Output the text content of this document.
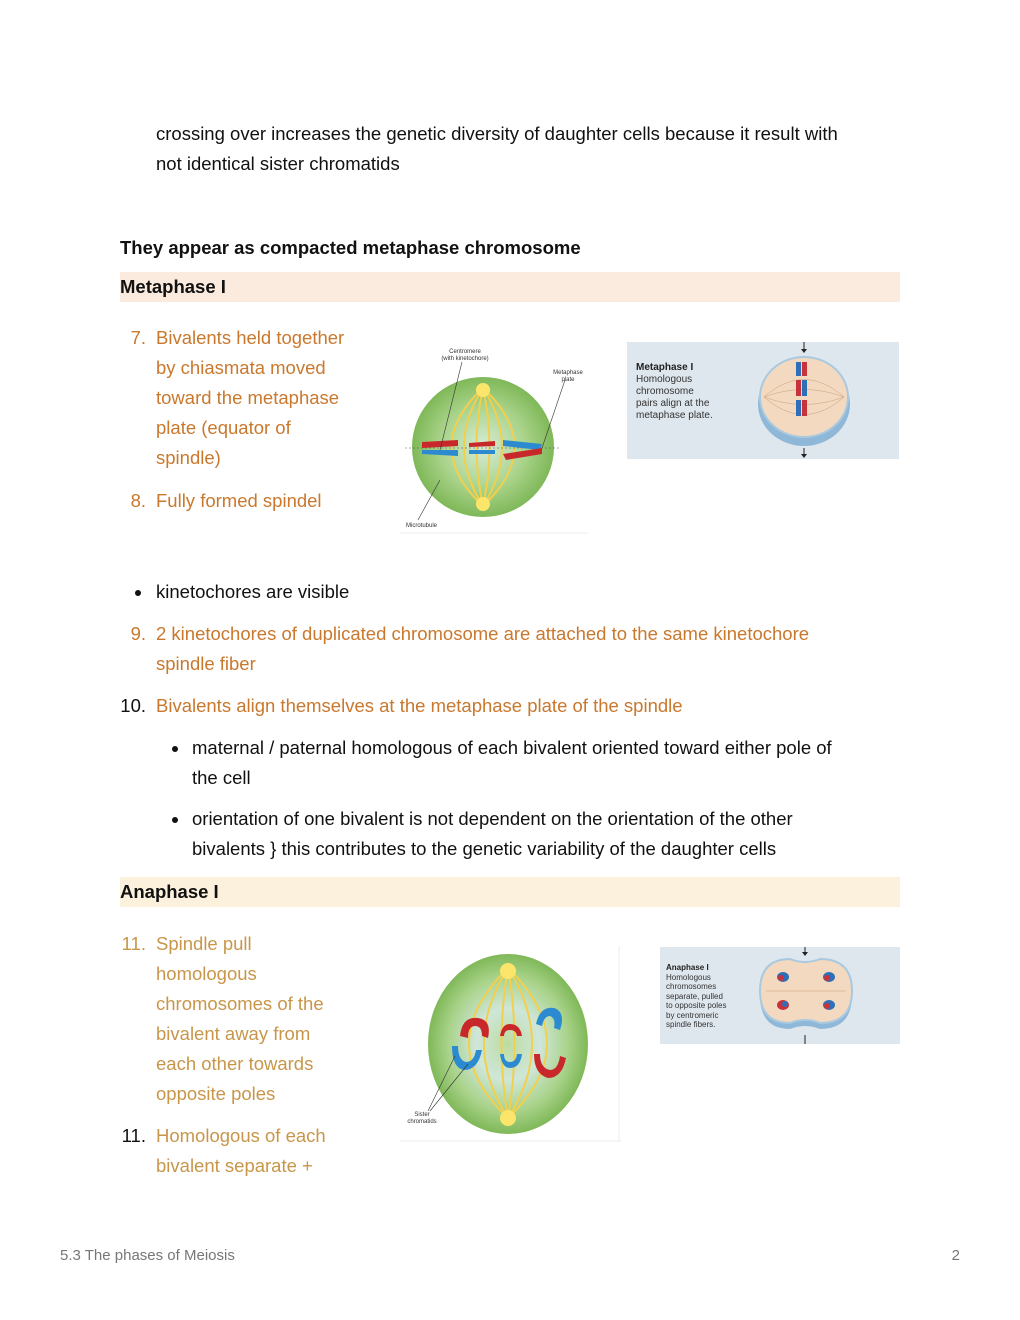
crossing over increases the genetic diversity of daughter cells because it result with
not identical sister chromatids
They appear as compacted metaphase chromosome
Metaphase I
7. Bivalents held together
by chiasmata moved
toward the metaphase
plate (equator of
spindle)
8. Fully formed spindel
Centromere
(with kinetochore)
Metaphase
plate
Microtubule
Metaphase I
Homologous
chromosome
pairs align at the
metaphase plate.
kinetochores are visible
9. 2 kinetochores of duplicated chromosome are attached to the same kinetochore
spindle fiber
10. Bivalents align themselves at the metaphase plate of the spindle
maternal / paternal homologous of each bivalent oriented toward either pole of
the cell
orientation of one bivalent is not dependent on the orientation of the other
bivalents } this contributes to the genetic variability of the daughter cells
Anaphase I
11. Spindle pull
homologous
chromosomes of the
bivalent away from
each other towards
opposite poles
11. Homologous of each
bivalent separate +
Sister
chromatids
Anaphase I
Homologous
chromosomes
separate, pulled
to opposite poles
by centromeric
spindle fibers.
5.3 The phases of Meiosis	2
